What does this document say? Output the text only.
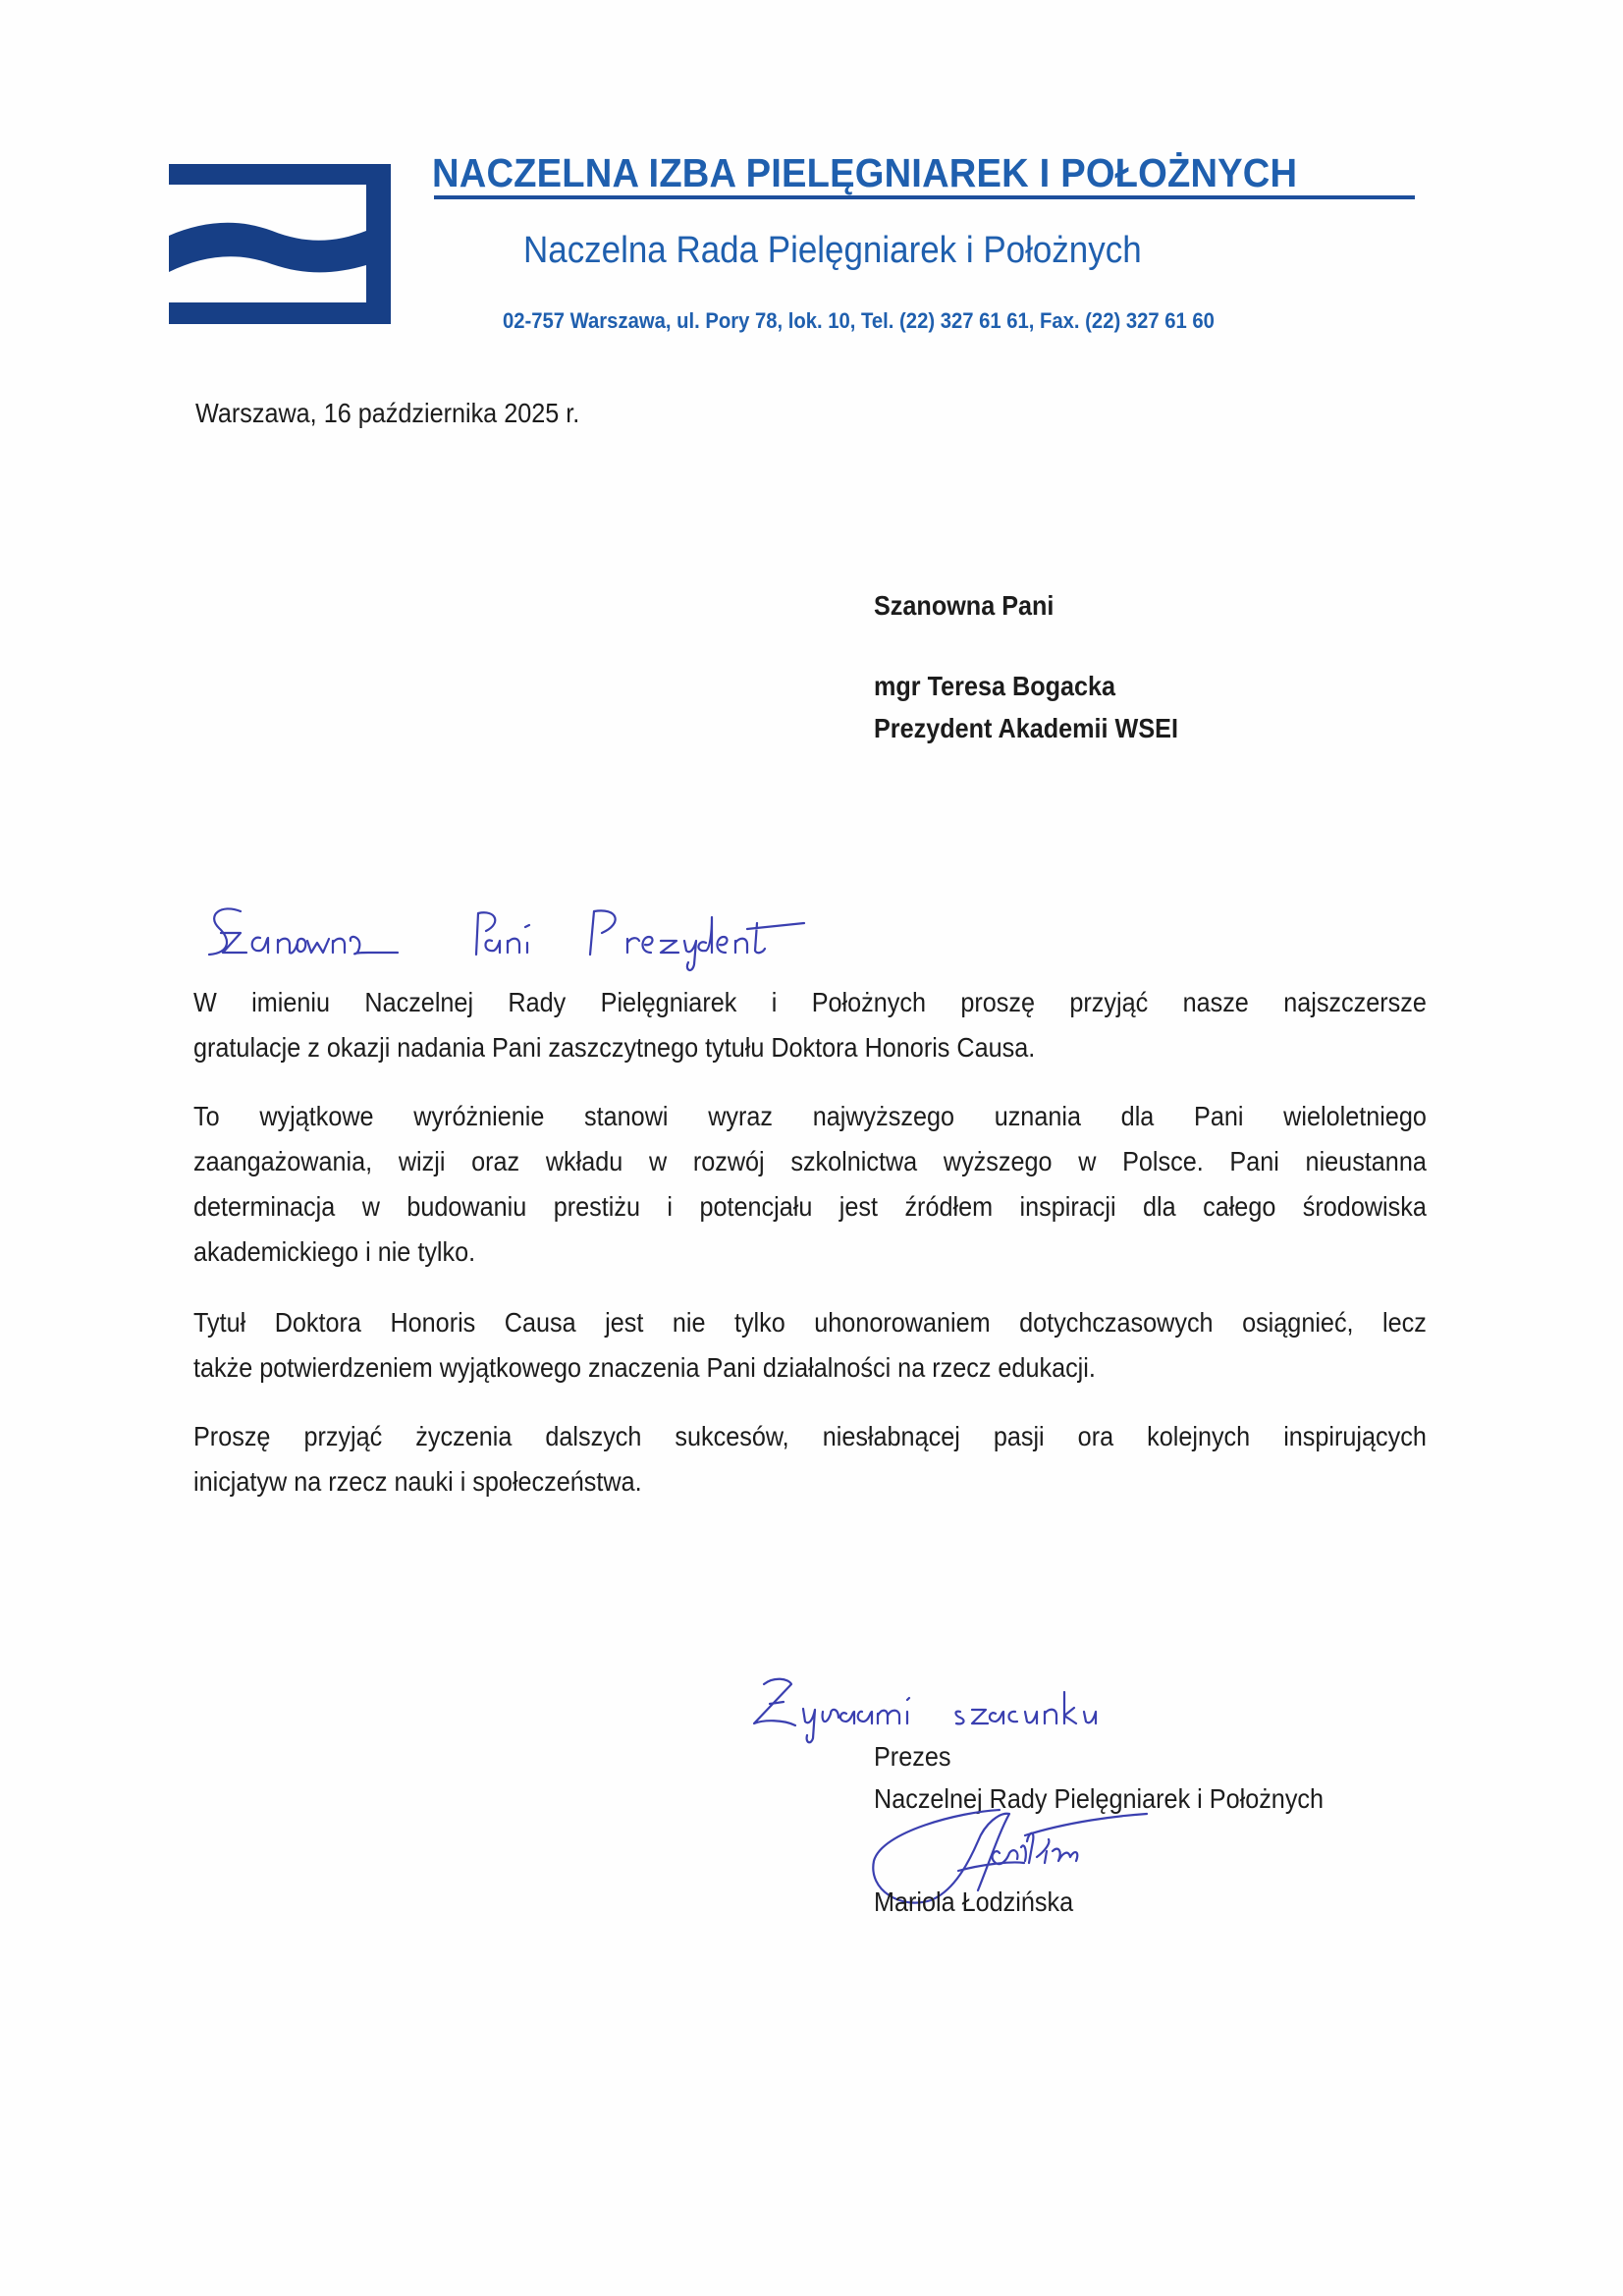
NACZELNA IZBA PIELĘGNIAREK I POŁOŻNYCH
Naczelna Rada Pielęgniarek i Położnych
02-757 Warszawa, ul. Pory 78, lok. 10, Tel. (22) 327 61 61, Fax. (22) 327 61 60
Warszawa, 16 października 2025 r.
Szanowna Pani
mgr Teresa Bogacka
Prezydent Akademii WSEI
W imieniu Naczelnej Rady Pielęgniarek i Położnych proszę przyjąć nasze najszczersze
gratulacje z okazji nadania Pani zaszczytnego tytułu Doktora Honoris Causa.
To wyjątkowe wyróżnienie stanowi wyraz najwyższego uznania dla Pani wieloletniego
zaangażowania, wizji oraz wkładu w rozwój szkolnictwa wyższego w Polsce. Pani nieustanna
determinacja w budowaniu prestiżu i potencjału jest źródłem inspiracji dla całego środowiska
akademickiego i nie tylko.
Tytuł Doktora Honoris Causa jest nie tylko uhonorowaniem dotychczasowych osiągnieć, lecz
także potwierdzeniem wyjątkowego znaczenia Pani działalności na rzecz edukacji.
Proszę przyjąć życzenia dalszych sukcesów, niesłabnącej pasji ora kolejnych inspirujących
inicjatyw na rzecz nauki i społeczeństwa.
Prezes
Naczelnej Rady Pielęgniarek i Położnych
Mariola Łodzińska
